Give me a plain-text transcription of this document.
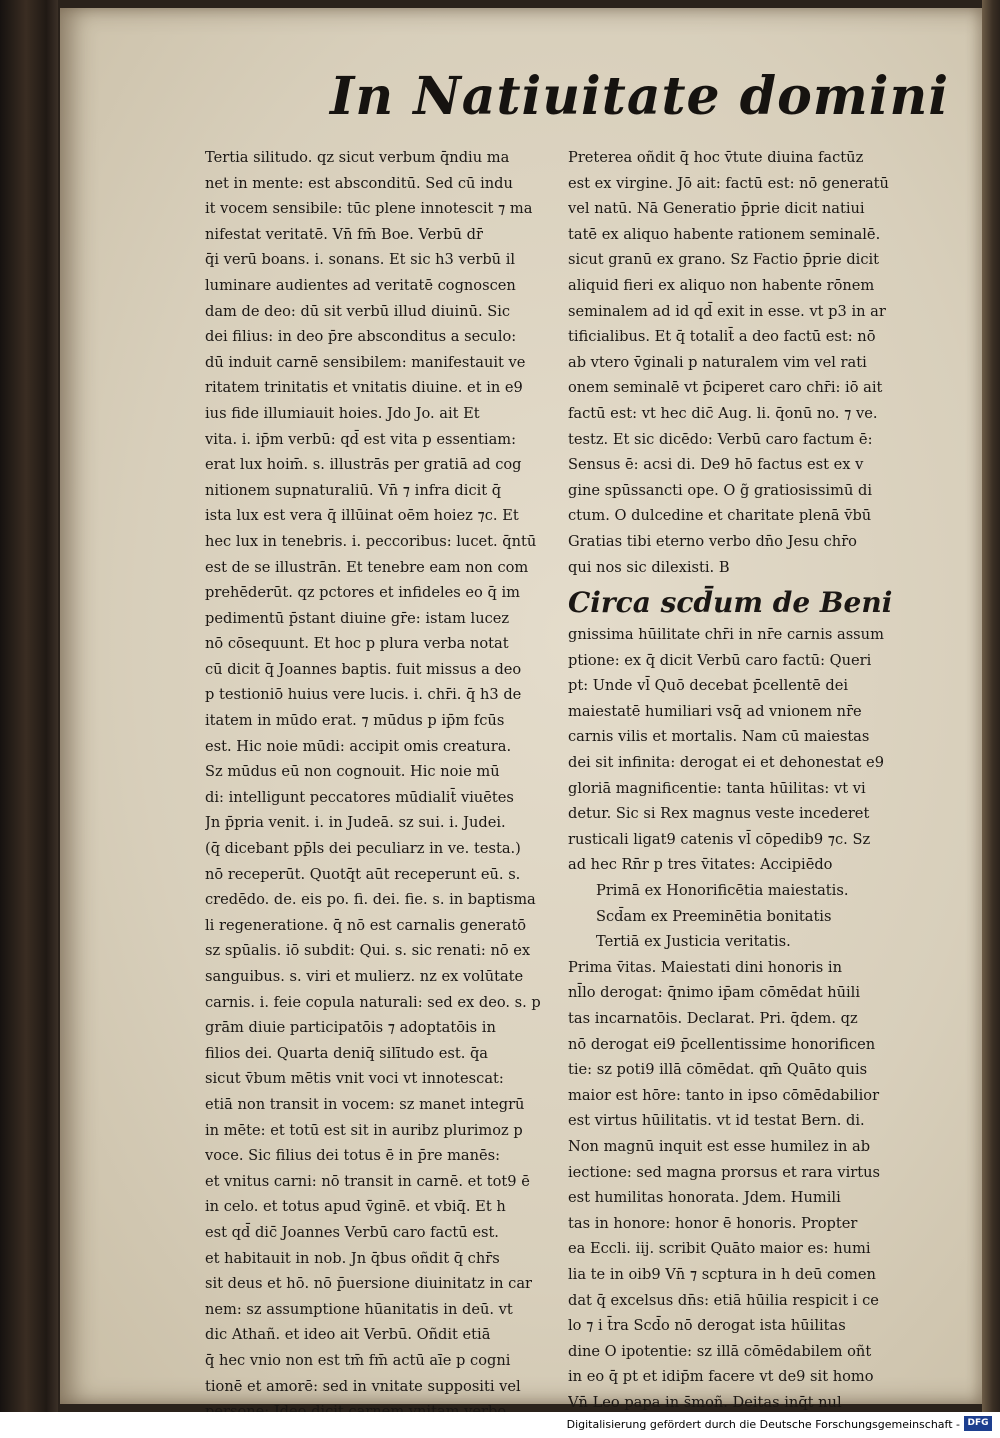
In Natiuitate domini
Tertia silitudo. qz sicut verbum q̄ndiu ma
net in mente: est absconditū. Sed cū indu
it vocem sensibile: tūc plene innotescit ⁊ ma
nifestat veritatē. Vn̄ fm̄ Boe. Verbū dr̄
q̄i verū boans. i. sonans. Et sic h3 verbū il
luminare audientes ad veritatē cognoscen
dam de deo: dū sit verbū illud diuinū. Sic
dei filius: in deo p̄re absconditus a seculo:
dū induit carnē sensibilem: manifestauit ve
ritatem trinitatis et vnitatis diuine. et in e9
ius fide illumiauit hoies. Jdo Jo. ait Et
vita. i. ip̄m verbū: qd̄ est vita p essentiam:
erat lux hoim̄. s. illustrās per gratiā ad cog
nitionem supnaturaliū. Vn̄ ⁊ infra dicit q̄
ista lux est vera q̄ illūinat oēm hoiez ⁊c. Et
hec lux in tenebris. i. peccoribus: lucet. q̄ntū
est de se illustrān. Et tenebre eam non com
prehēderūt. qz pctores et infideles eo q̄ im
pedimentū p̄stant diuine gr̄e: istam lucez
nō cōsequunt. Et hoc p plura verba notat
cū dicit q̄ Joannes baptis. fuit missus a deo
p testioniō huius vere lucis. i. chr̄i. q̄ h3 de
itatem in mūdo erat. ⁊ mūdus p ip̄m fcūs
est. Hic noie mūdi: accipit omis creatura.
Sz mūdus eū non cognouit. Hic noie mū
di: intelligunt peccatores mūdialit̄ viuētes
Jn p̄pria venit. i. in Judeā. sz sui. i. Judei.
(q̄ dicebant pp̄ls dei peculiarz in ve. testa.)
nō receperūt. Quotq̄t aūt receperunt eū. s.
credēdo. de. eis po. fi. dei. fie. s. in baptisma
li regeneratione. q̄ nō est carnalis generatō
sz spūalis. iō subdit: Qui. s. sic renati: nō ex
sanguibus. s. viri et mulierz. nz ex volūtate
carnis. i. feie copula naturali: sed ex deo. s. p
grām diuie participatōis ⁊ adoptatōis in
filios dei. Quarta deniq̄ silītudo est. q̄a
sicut v̄bum mētis vnit voci vt innotescat:
etiā non transit in vocem: sz manet integrū
in mēte: et totū est sit in auribz plurimoz p
voce. Sic filius dei totus ē in p̄re manēs:
et vnitus carni: nō transit in carnē. et tot9 ē
in celo. et totus apud v̄ginē. et vbiq̄. Et h
est qd̄ dic̄ Joannes Verbū caro factū est.
et habitauit in nob. Jn q̄bus oñdit q̄ chr̄s
sit deus et hō. nō p̄uersione diuinitatz in car
nem: sz assumptione hūanitatis in deū. vt
dic Athañ. et ideo ait Verbū. Oñdit etiā
q̄ hec vnio non est tm̄ fm̄ actū aīe p cogni
tionē et amorē: sed in vnitate suppositi vel
Preterea oñdit q̄ hoc v̄tute diuina factūz
est ex virgine. Jō ait: factū est: nō generatū
vel natū. Nā Generatio p̄prie dicit natiui
tatē ex aliquo habente rationem seminalē.
sicut granū ex grano. Sz Factio p̄prie dicit
aliquid fieri ex aliquo non habente rōnem
seminalem ad id qd̄ exit in esse. vt p3 in ar
tificialibus. Et q̄ totalit̄ a deo factū est: nō
ab vtero v̄ginali p naturalem vim vel rati
onem seminalē vt p̄ciperet caro chr̄i: iō ait
factū est: vt hec dic̄ Aug. li. q̄onū no. ⁊ ve.
testz. Et sic dicēdo: Verbū caro factum ē:
Sensus ē: acsi di. De9 hō factus est ex v
gine spūssancti ope. O g̃ gratiosissimū di
ctum. O dulcedine et charitate plenā v̄bū
Gratias tibi eterno verbo dn̄o Jesu chr̄o
qui nos sic dilexisti. B
Circa scd̄um de Beni
gnissima hūilitate chr̄i in nr̄e carnis assum
ptione: ex q̄ dicit Verbū caro factū: Queri
pt: Unde vl̄ Quō decebat p̄cellentē dei
maiestatē humiliari vsq̄ ad vnionem nr̄e
carnis vilis et mortalis. Nam cū maiestas
dei sit infinita: derogat ei et dehonestat e9
gloriā magnificentie: tanta hūilitas: vt vi
detur. Sic si Rex magnus veste incederet
rusticali ligat9 catenis vl̄ cōpedib9 ⁊c. Sz
ad hec Rn̄r p tres v̄itates: Accipiēdo
Primā ex Honorificētia maiestatis.
Scd̄am ex Preeminētia bonitatis
Tertiā ex Justicia veritatis.
Prima v̄itas. Maiestati dini honoris in
nl̄lo derogat: q̄nimo ip̄am cōmēdat hūili
tas incarnatōis. Declarat. Pri. q̄dem. qz
nō derogat ei9 p̄cellentissime honorificen
tie: sz poti9 illā cōmēdat. qm̄ Quāto quis
maior est hōre: tanto in ipso cōmēdabilior
est virtus hūilitatis. vt id testat Bern. di.
Non magnū inquit est esse humilez in ab
iectione: sed magna prorsus et rara virtus
est humilitas honorata. Jdem. Humili
tas in honore: honor ē honoris. Propter
ea Eccli. iij. scribit Quāto maior es: humi
lia te in oib9 Vn̄ ⁊ scptura in h deū comen
dat q̄ excelsus dn̄s: etiā hūilia respicit i ce
lo ⁊ i t̄ra Scd̄o nō derogat ista hūilitas
dine O ipotentie: sz illā cōmēdabilem oñt
in eo q̄ pt et idip̄m facere vt de9 sit homo
Vn̄ Leo papa in s̄moñ. Deitas inq̄t nul
Digitalisierung gefördert durch die Deutsche Forschungsgemeinschaft - DFG
